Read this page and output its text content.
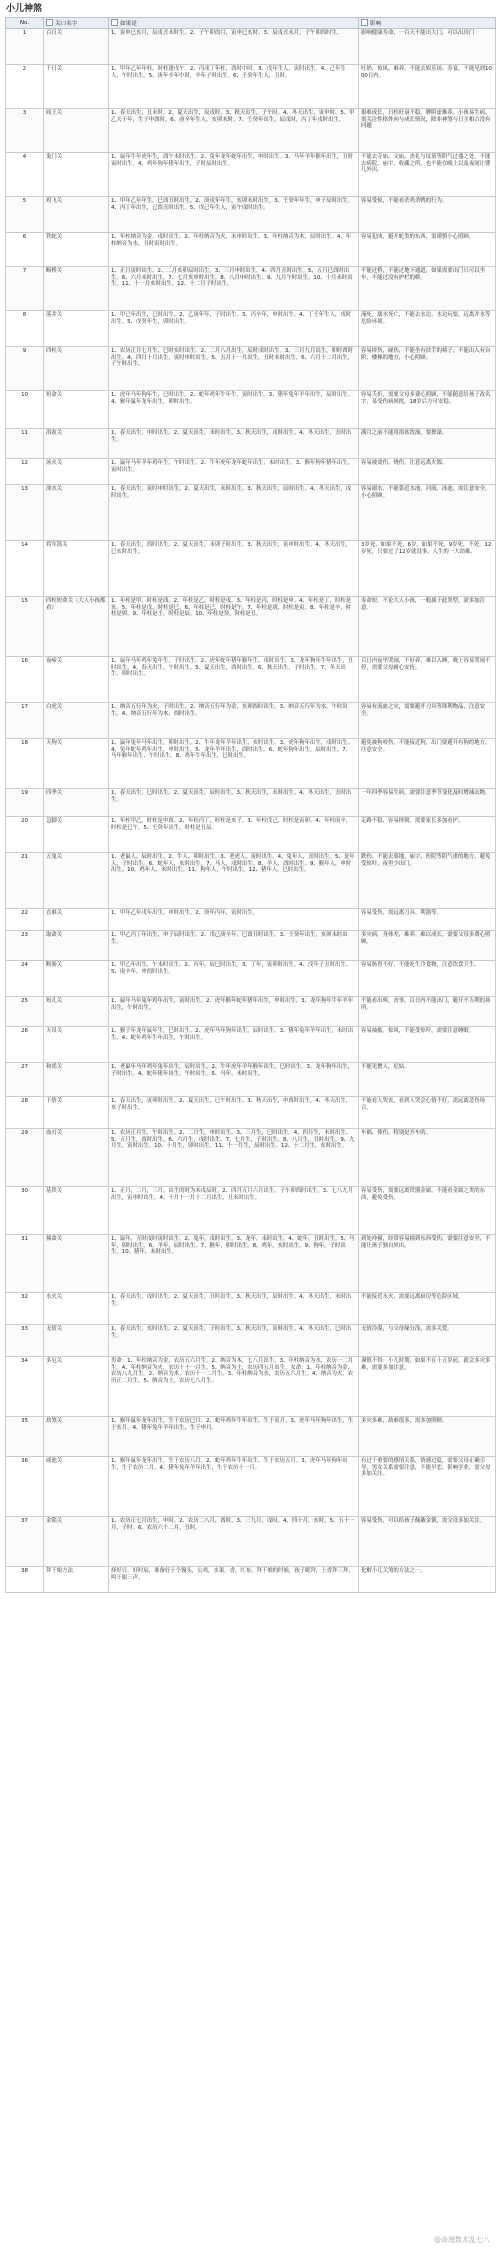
小儿神煞
No.	关口名字	如果是	影响
1	百日关	1、寅申巳亥月，辰戌丑未时生。2、子午卯酉月，寅申巳亥时。3、辰戌丑未月，子午卯酉时生。	影响健康寿命，一百天不能出大门，可以出房门
2	千日关	1、甲年乙年年柱，时柱逢戊午。2、丙戌丁年柱，酉时中时。3、戊年生人，寅时出生。4、己年生人，午时出生。5、庚年辛年中时，辛年子时出生。6、壬癸年生人，丑时。	吐奶、惊风、难养，不能去娱乐场、寿宴，不能见到1000日内。
3	阎王关	1、春天出生，丑未时。2、夏天出生，辰戌时。3、秋天出生，子午时。4、冬天出生，寅申时。5、甲乙天干年，生于申酉时。6、庚辛年生人，亥卯未时。7、壬癸年出生，辰戌时，丙丁年戌时出生。	很难成长，日柱旺衰不稳，脾阴虚难养。小孩易生病，需关注性格外向与成长情况，除非神煞与日主相合没有问题
4	鬼门关	1、鼠年牛年虎年生，酉午未时出生。2、兔年龙年蛇年出生，申时出生。3、马年羊年猴年出生，丑时寅时出生。4、鸡年狗年猪年出生，子时辰时出生。	不能去寺庙、文庙、丧礼与坟墓等阴气过盛之处，不能去病院、庙宇、收藏之所，也不能在晚上以及夜间让婴儿外出。
5	鸡飞关	1、甲年乙年年生，巳酉丑时出生。2、庚戌年年生，亥卯未时出生。3、壬癸年年生，申子辰时出生。4、丙丁年出生，已酉丑时出生。5、戊己年生人，寅午戌时出生。	容易受惊，不能看杀鸡杀鸭的行为。
6	铁蛇关	1、年柱纳音为金，戌时出生。2、年柱纳音为火，未申时出生。3、年柱纳音为木，辰时出生。4、年柱纳音为水，丑时寅时出生。	容易犯凶，避开蛇类的东西，需谨慎小心照顾。
7	断桥关	1、正月寅时出生。2、二月亥卯辰时出生。3、三月申时出生。4、四月丑时出生。5、五月巳酉时出生。6、六月未时出生。7、七月亥申时出生。8、八月申时出生。9、九月午时出生。10、十月未时出生。11、十一月亥时出生。12、十二月子时出生。	不能过桥，不能过地下通道，如果需要出门只可以坐车，不能过没有护栏的桥。
8	落井关	1、甲己年出生，巳时出生。2、乙庚年年，子时出生。3、丙辛年，申时出生。4、丁壬年生人，戌时出生。5、戊癸年生，卯时出生。	淹死，溺水死亡，不能去水边、水边玩耍，远离井水等危险环境。
9	四柱关	1、农历正月七月生，巳时亥时出生。2、二月八月出生，辰时戌时出生。3、三月九月出生，卯时酉时出生。4、四月十月出生，寅时申时出生。5、五月十一月出生，丑时未时出生。6、六月十二月出生，子午时出生。	容易摔伤，碰伤，不能坐有扶手的椅子，不能出入有台阶、楼梯的地方，小心照顾。
10	短命关	1、虎年马年狗年生，巳时出生。2、蛇年鸡年牛年生，寅时出生。3、猪年兔年羊年出生，辰时出生。4、猴年鼠年龙年出生，卯时出生。	容易夭折，需要父母多费心照顾，不能随意给孩子改名字，易受伤病困扰，18岁后方可安稳。
11	浴盆关	1、春天出生，申时出生。2、夏天出生，未时出生。3、秋天出生，戌时出生。4、冬天出生，丑时出生。	满月之前不能用浴盆洗澡，要擦澡。
12	汤火关	1、鼠年马年羊年鸡年生，午时出生。2、牛年虎年龙年蛇年出生，未时出生。3、猴年狗年猪年出生，寅时出生。	容易被烫伤，烧伤，注意远离火源。
13	深水关	1、春天出生，寅时申时出生。2、夏天出生，未时出生。3、秋天出生，辰时出生。4、冬天出生，戌时出生。	容易溺水，不能靠近水池、河流、泳池，需注意安全，小心照顾。
14	将军箭关	1、春天出生，酉时出生。2、夏天出生，未卯子时出生。3、秋天出生，寅申时出生。4、冬天出生，巳亥时出生。	3岁死，如果不死，6岁，如果不死，9岁死，不死，12岁死，只要过了12岁就没事，人生的一大劫难。
15	四柱短命关（大人小孩都看）	1、年柱是甲，时柱是酉。2、年柱是乙，时柱是戌。3、年柱是丙，时柱是申。4、年柱是丁，时柱是亥。5、年柱是戊，时柱是巳。6、年柱是己，时柱是午。7、年柱是庚，时柱是寅。8、年柱是辛，时柱是卯。9、年柱是壬，时柱是辰。10、年柱是癸，时柱是丑。	寿命短，不论大人小孩，一般属于此类型，需多加注意。
16	夜啼关	1、鼠年马年鸡年兔年生，子时出生。2、虎年蛇年猪年猴年生，戌时出生。3、龙年狗年牛年出生，丑时出生。4、春天出生，午时出生。5、夏天出生，酉时出生。6、秋天出生，子时出生。7、冬天出生，卯时出生。	百日内夜里哭闹，不好养，难以入睡，晚上容易哭闹不停，需要父母耐心安抚。
17	白虎关	1、纳音五行年为火，子时出生。2、纳音五行年为金，亥卯酉时出生。3、纳音五行年为水，午时出生。4、纳音五行年为木，酉时出生。	容易有流血之灾，需要避开刀具等锋利物品，注意安全。
18	天狗关	1、鼠年兔年马年出生，卯时出生。2、牛年龙年羊年出生，亥时出生。3、虎年狗年出生，戌时出生。4、兔年蛇年鸡年出生，申时出生。5、龙年羊年出生，酉时出生。6、蛇年狗年出生，辰时出生。7、马年猴年出生，午时出生。8、鸡年牛年出生，巳时出生。	避免被狗咬伤，不能接近狗，出门要避开有狗的地方，注意安全。
19	四季关	1、春天出生，巳时出生。2、夏天出生，辰时出生。3、秋天出生，未时出生。4、冬天出生，丑时出生。	一年四季容易生病，需要注意季节变化及时增减衣物。
20	急脚关	1、年柱甲乙，时柱是申酉。2、年柱丙丁，时柱是亥子。3、年柱戊己，时柱是寅卯。4、年柱庚辛，时柱是巳午。5、壬癸年出生，时柱是丑辰。	走路不稳，容易摔倒，需要家长多加看护。
21	五鬼关	1、老鼠人，辰时出生。2、牛人，卯时出生。3、老虎人，寅时出生。4、兔年人，丑时出生。5、龙年人，子时出生。6、蛇年人，亥时出生。7、马人，戌时出生。8、羊人，酉时出生。9、猴年人，申时出生。10、鸡年人，未时出生。11、狗年人，午时出生。12、猪年人，巳时出生。	跌伤、不能去墓地、庙宇、医院等阴气重的地方，避免受惊吓，夜里少出门。
22	直难关	1、甲年乙年戊年出生，申时出生。2、庚年丙年，寅时出生。	容易受伤，需远离刀具、利器等。
23	取命关	1、甲乙丙丁年出生，申子辰时出生。2、戊己庚辛年，巳酉丑时出生。3、壬癸年出生，亥卯未时出生。	多灾病，身体差，难养。难以成长，需要父母多费心照顾。
24	断肠关	1、甲乙年出生，午未时出生。2、丙年，辰巳时出生。3、丁年，寅卯时出生。4、戊年子丑时出生。5、庚辛年，申酉时出生。	容易肠胃不好，不能吃生冷食物，注意饮食卫生。
25	短儿关	1、鼠年马年兔年鸡年出生，寅时出生。2、虎年猴年蛇年猪年出生，申时出生。3、龙年狗年牛年羊年出生，午时出生。	不能看出殡，丧事，百日内不能出门，避开不吉利的场所。
26	天吊关	1、猴子年龙年鼠年生，巳时出生。2、虎年马年狗年出生，辰时出生。3、猪年兔年羊年出生，未时出生。4、蛇年鸡年牛年出生，午时出生。	容易抽搐，惊风，不能受惊吓，需要注意睡眠。
27	和尚关	1、老鼠年马年鸡年兔年出生，辰时出生。2、牛年虎年羊年猴年出生，巳时出生。3、龙年狗年出生，子时出生。4、蛇年猪年出生，午时出生。5、马年，未时出生。	不能见僧人，尼姑。
28	下情关	1、春天出生，寅卯时出生。2、夏天出生，巳午时出生。3、秋天出生，申酉时出生。4、冬天出生，亥子时出生。	不能看人哭丧，看到人哭会心情不好，需远离悲伤场合。
29	血刃关	1、农历正月生，午时出生。2、二月生，申时出生。3、三月生，巳时出生。4、四月生，未时出生。5、五月生，酉时出生。6、六月生，戌时出生。7、七月生，子时出生。8、八月生，丑时出生。9、九月生，寅时出生。10、十月生，卯时出生。11、十一月生，辰时出生。12、十二月生，亥时出生。	车祸、摔伤，特别是开车的。
30	基铁关	1、正月，二月，三月，出生的时为未戌辰时。2、四月五月六月出生，子午卯酉时出生。3、七八九月出生，寅申时出生。4、十月十一月十二月出生，丑未时出生。	容易受伤，需要远离铁器金属，不能看金属之类的东西，避免受伤。
31	撞命关	1、鼠年，丑时戌时寅时出生。2、兔年，戌时出生。3、龙年，未时出生。4、蛇年，丑时出生。5、马年，卯时出生。6、羊年，辰时出生。7、猴年，卯时出生。8、鸡年，亥时出生。9、狗年，子时出生。10、猪年，未时出生。	到处冲撞，经常容易撞到东西受伤，需要注意安全，不能让孩子独自外出。
32	水火关	1、春天出生，戌时出生。2、夏天出生，丑时出生。3、秋天出生，辰时出生。4、冬天出生，未时出生。	不能接近水火，需要远离厨房等危险区域。
33	无情关	1、春天出生，亥时出生。2、夏天出生，子时出生。3、秋天出生，寅时出生。4、冬天出生，巳时出生。	无情冷漠，与父母缘分浅，需多关爱。
34	多厄关	男命：1、年柱纳音为金，农历五六月生。2、纳音为木，七八月出生。3、年柱纳音为水，农历一二月生。4、年柱纳音为火，农历十十一月生。5、纳音为土，农历四五月出生。女命：1、年柱纳音为金，农历八九月生。2、纳音为木，农历十一二月生。3、年柱纳音为水，农历五六月生。4、纳音为火，农历正二月生。5、纳音为土，农历七八月生。	谨慎不得：小儿时期，如果不在十五岁前，就会多灾多难，需要多加注意。
35	劫煞关	1、猴年鼠年龙年出生，生于农历巳月。2、蛇年鸡年牛年出生，生于寅月。3、虎年马年狗年出生，生于亥月。4、猪年兔年羊年出生，生于申月。	多灾多难，劫难很多，需多加照顾。
36	咸池关	1、猴年鼠年龙年出生，生于农历八月。2、蛇年鸡年牛年出生，生于农历五月。3、虎年马年狗年出生，生于农历二月。4、猪年兔年羊年出生，生于农历十一月。	有过于重要的感情关系，情感过度，需要父母正确引导，男女关系需要注意，不能早恋，影响学业，需父母多加关注。
37	金锁关	1、农历正七月出生，申时。2、农历二八月，酉时。3、三九月，戌时。4、四十月，亥时。5、五十一月，子时。6、农历六十二月，丑时。	容易受伤，可以给孩子佩戴金锁，需父母多加关注。
38	拜干娘方法	择好日，好时辰，准备好十个馒头，公鸡，水果，香，红布，拜干娘的时候，孩子跪拜，上香拜三拜，叫干娘三声。	化解小儿关煞的方法之一。
@命理数术乱七八
